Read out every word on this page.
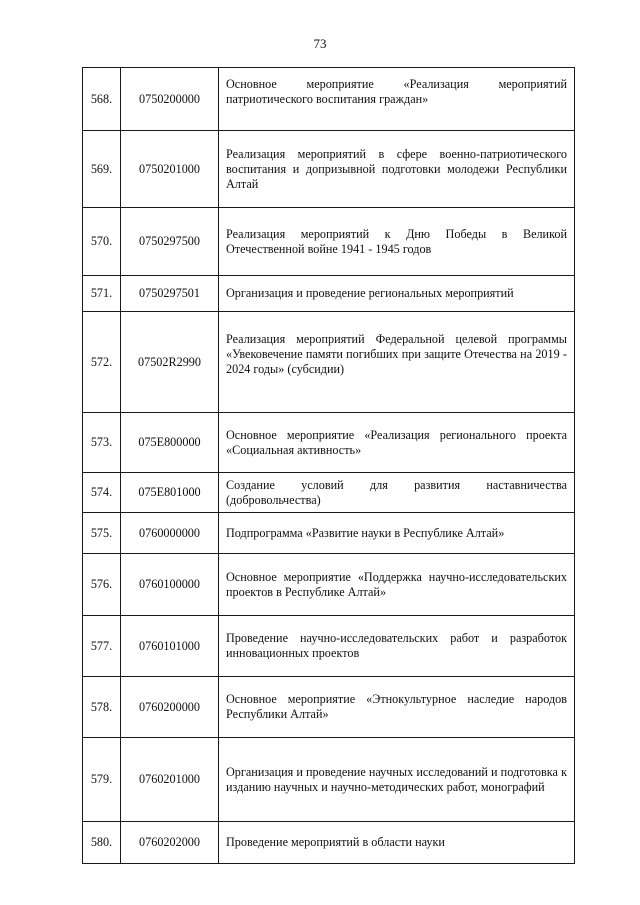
73
568.	0750200000	Основное мероприятие «Реализация мероприятий патриотического воспитания граждан»

569.	0750201000	Реализация мероприятий в сфере военно-патриотического воспитания и допризывной подготовки молодежи Республики Алтай

570.	0750297500	Реализация мероприятий к Дню Победы в Великой Отечественной войне 1941 - 1945 годов

571.	0750297501	Организация и проведение региональных мероприятий

572.	07502R2990	Реализация мероприятий Федеральной целевой программы «Увековечение памяти погибших при защите Отечества на 2019 - 2024 годы» (субсидии)

573.	075E800000	Основное мероприятие «Реализация регионального проекта «Социальная активность»

574.	075E801000	Создание условий для развития наставничества (добровольчества)

575.	0760000000	Подпрограмма «Развитие науки в Республике Алтай»

576.	0760100000	Основное мероприятие «Поддержка научно-исследовательских проектов в Республике Алтай»

577.	0760101000	Проведение научно-исследовательских работ и разработок инновационных проектов

578.	0760200000	Основное мероприятие «Этнокультурное наследие народов Республики Алтай»

579.	0760201000	Организация и проведение научных исследований и подготовка к изданию научных и научно-методических работ, монографий

580.	0760202000	Проведение мероприятий в области науки
